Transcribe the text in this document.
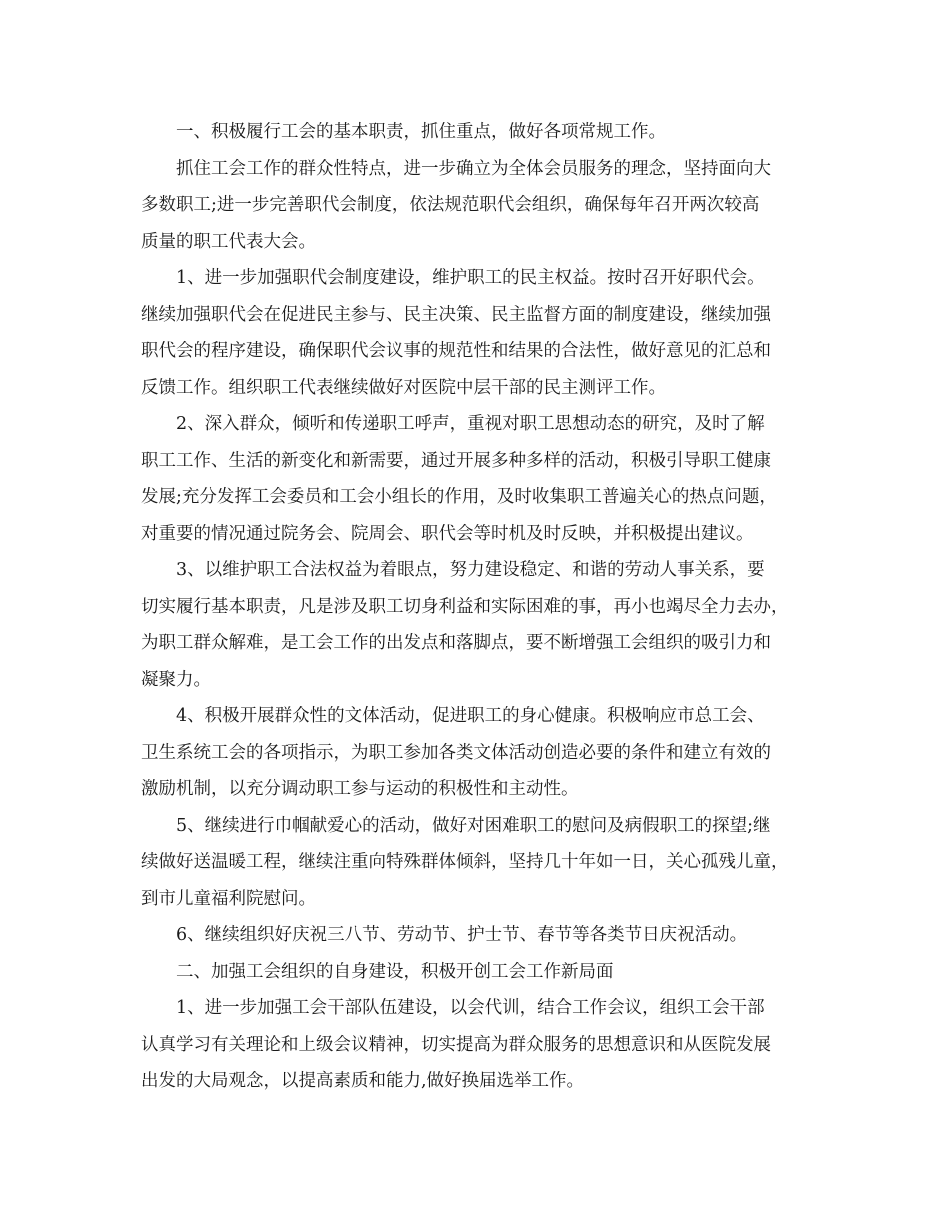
一、积极履行工会的基本职责，抓住重点，做好各项常规工作。
抓住工会工作的群众性特点，进一步确立为全体会员服务的理念，坚持面向大
多数职工;进一步完善职代会制度，依法规范职代会组织，确保每年召开两次较高
质量的职工代表大会。
1、进一步加强职代会制度建设，维护职工的民主权益。按时召开好职代会。
继续加强职代会在促进民主参与、民主决策、民主监督方面的制度建设，继续加强
职代会的程序建设，确保职代会议事的规范性和结果的合法性，做好意见的汇总和
反馈工作。组织职工代表继续做好对医院中层干部的民主测评工作。
2、深入群众，倾听和传递职工呼声，重视对职工思想动态的研究，及时了解
职工工作、生活的新变化和新需要，通过开展多种多样的活动，积极引导职工健康
发展;充分发挥工会委员和工会小组长的作用，及时收集职工普遍关心的热点问题，
对重要的情况通过院务会、院周会、职代会等时机及时反映，并积极提出建议。
3、以维护职工合法权益为着眼点，努力建设稳定、和谐的劳动人事关系，要
切实履行基本职责，凡是涉及职工切身利益和实际困难的事，再小也竭尽全力去办，
为职工群众解难，是工会工作的出发点和落脚点，要不断增强工会组织的吸引力和
凝聚力。
4、积极开展群众性的文体活动，促进职工的身心健康。积极响应市总工会、
卫生系统工会的各项指示，为职工参加各类文体活动创造必要的条件和建立有效的
激励机制，以充分调动职工参与运动的积极性和主动性。
5、继续进行巾帼献爱心的活动，做好对困难职工的慰问及病假职工的探望;继
续做好送温暖工程，继续注重向特殊群体倾斜，坚持几十年如一日，关心孤残儿童，
到市儿童福利院慰问。
6、继续组织好庆祝三八节、劳动节、护士节、春节等各类节日庆祝活动。
二、加强工会组织的自身建设，积极开创工会工作新局面
1、进一步加强工会干部队伍建设，以会代训，结合工作会议，组织工会干部
认真学习有关理论和上级会议精神，切实提高为群众服务的思想意识和从医院发展
出发的大局观念，以提高素质和能力,做好换届选举工作。
